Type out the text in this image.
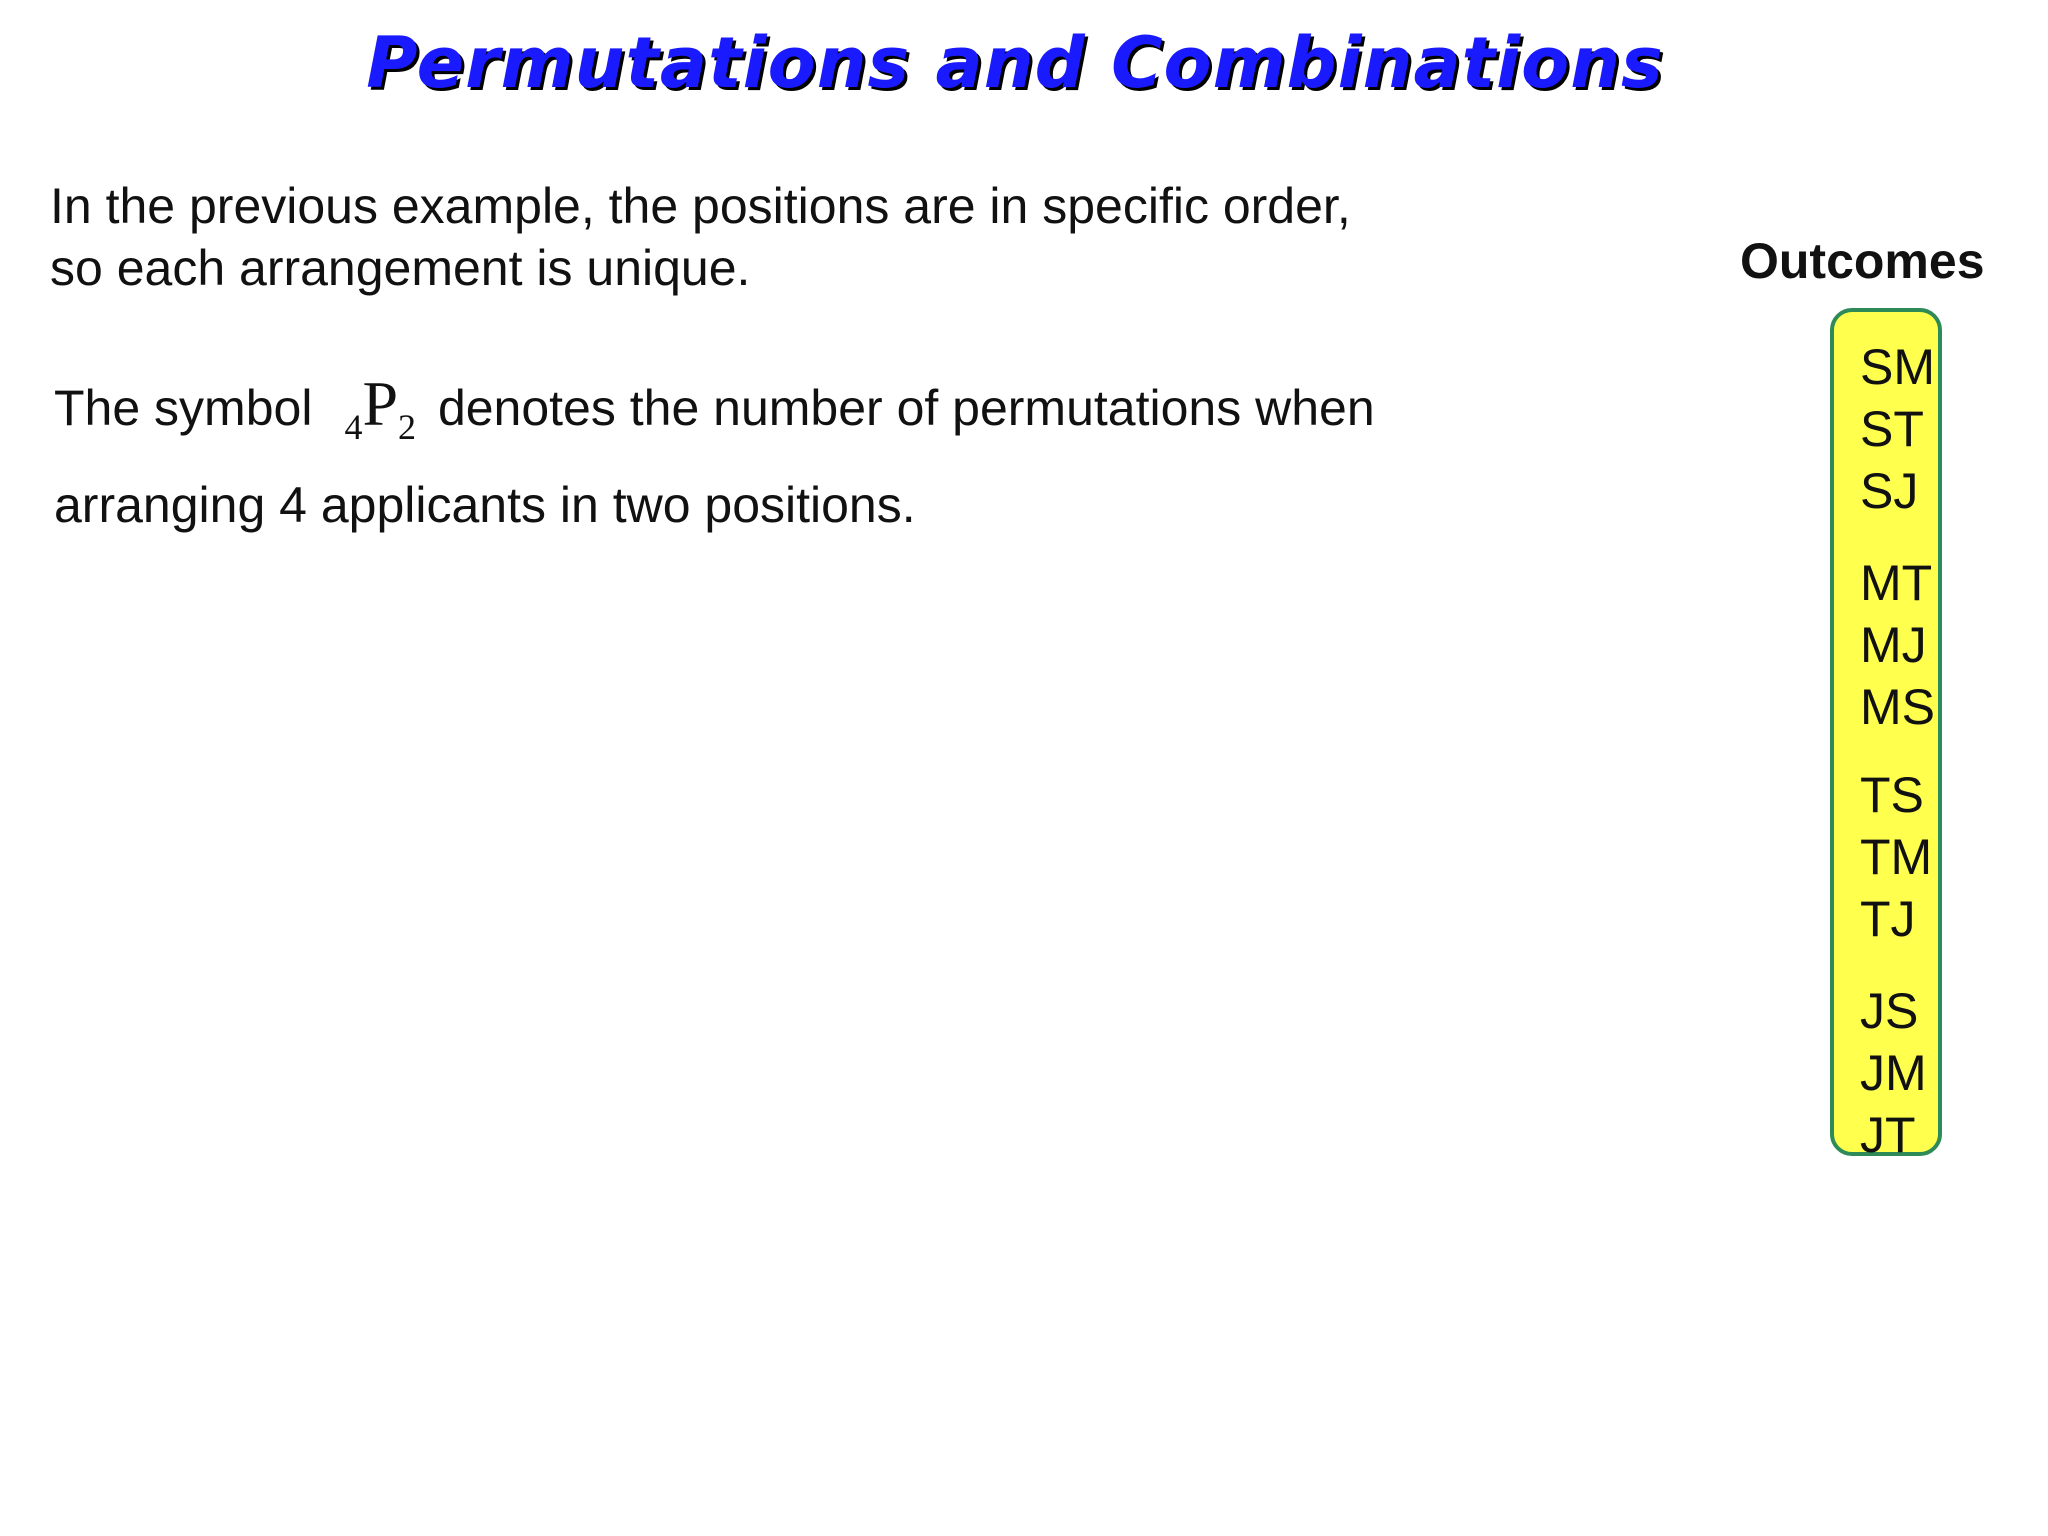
Permutations and Combinations
In the previous example, the positions are in specific order,
so each arrangement is unique.
The symbol $_4P_2$ denotes the number of permutations when
arranging 4 applicants in two positions.
Outcomes
SM
ST
SJ
MT
MJ
MS
TS
TM
TJ
JS
JM
JT
